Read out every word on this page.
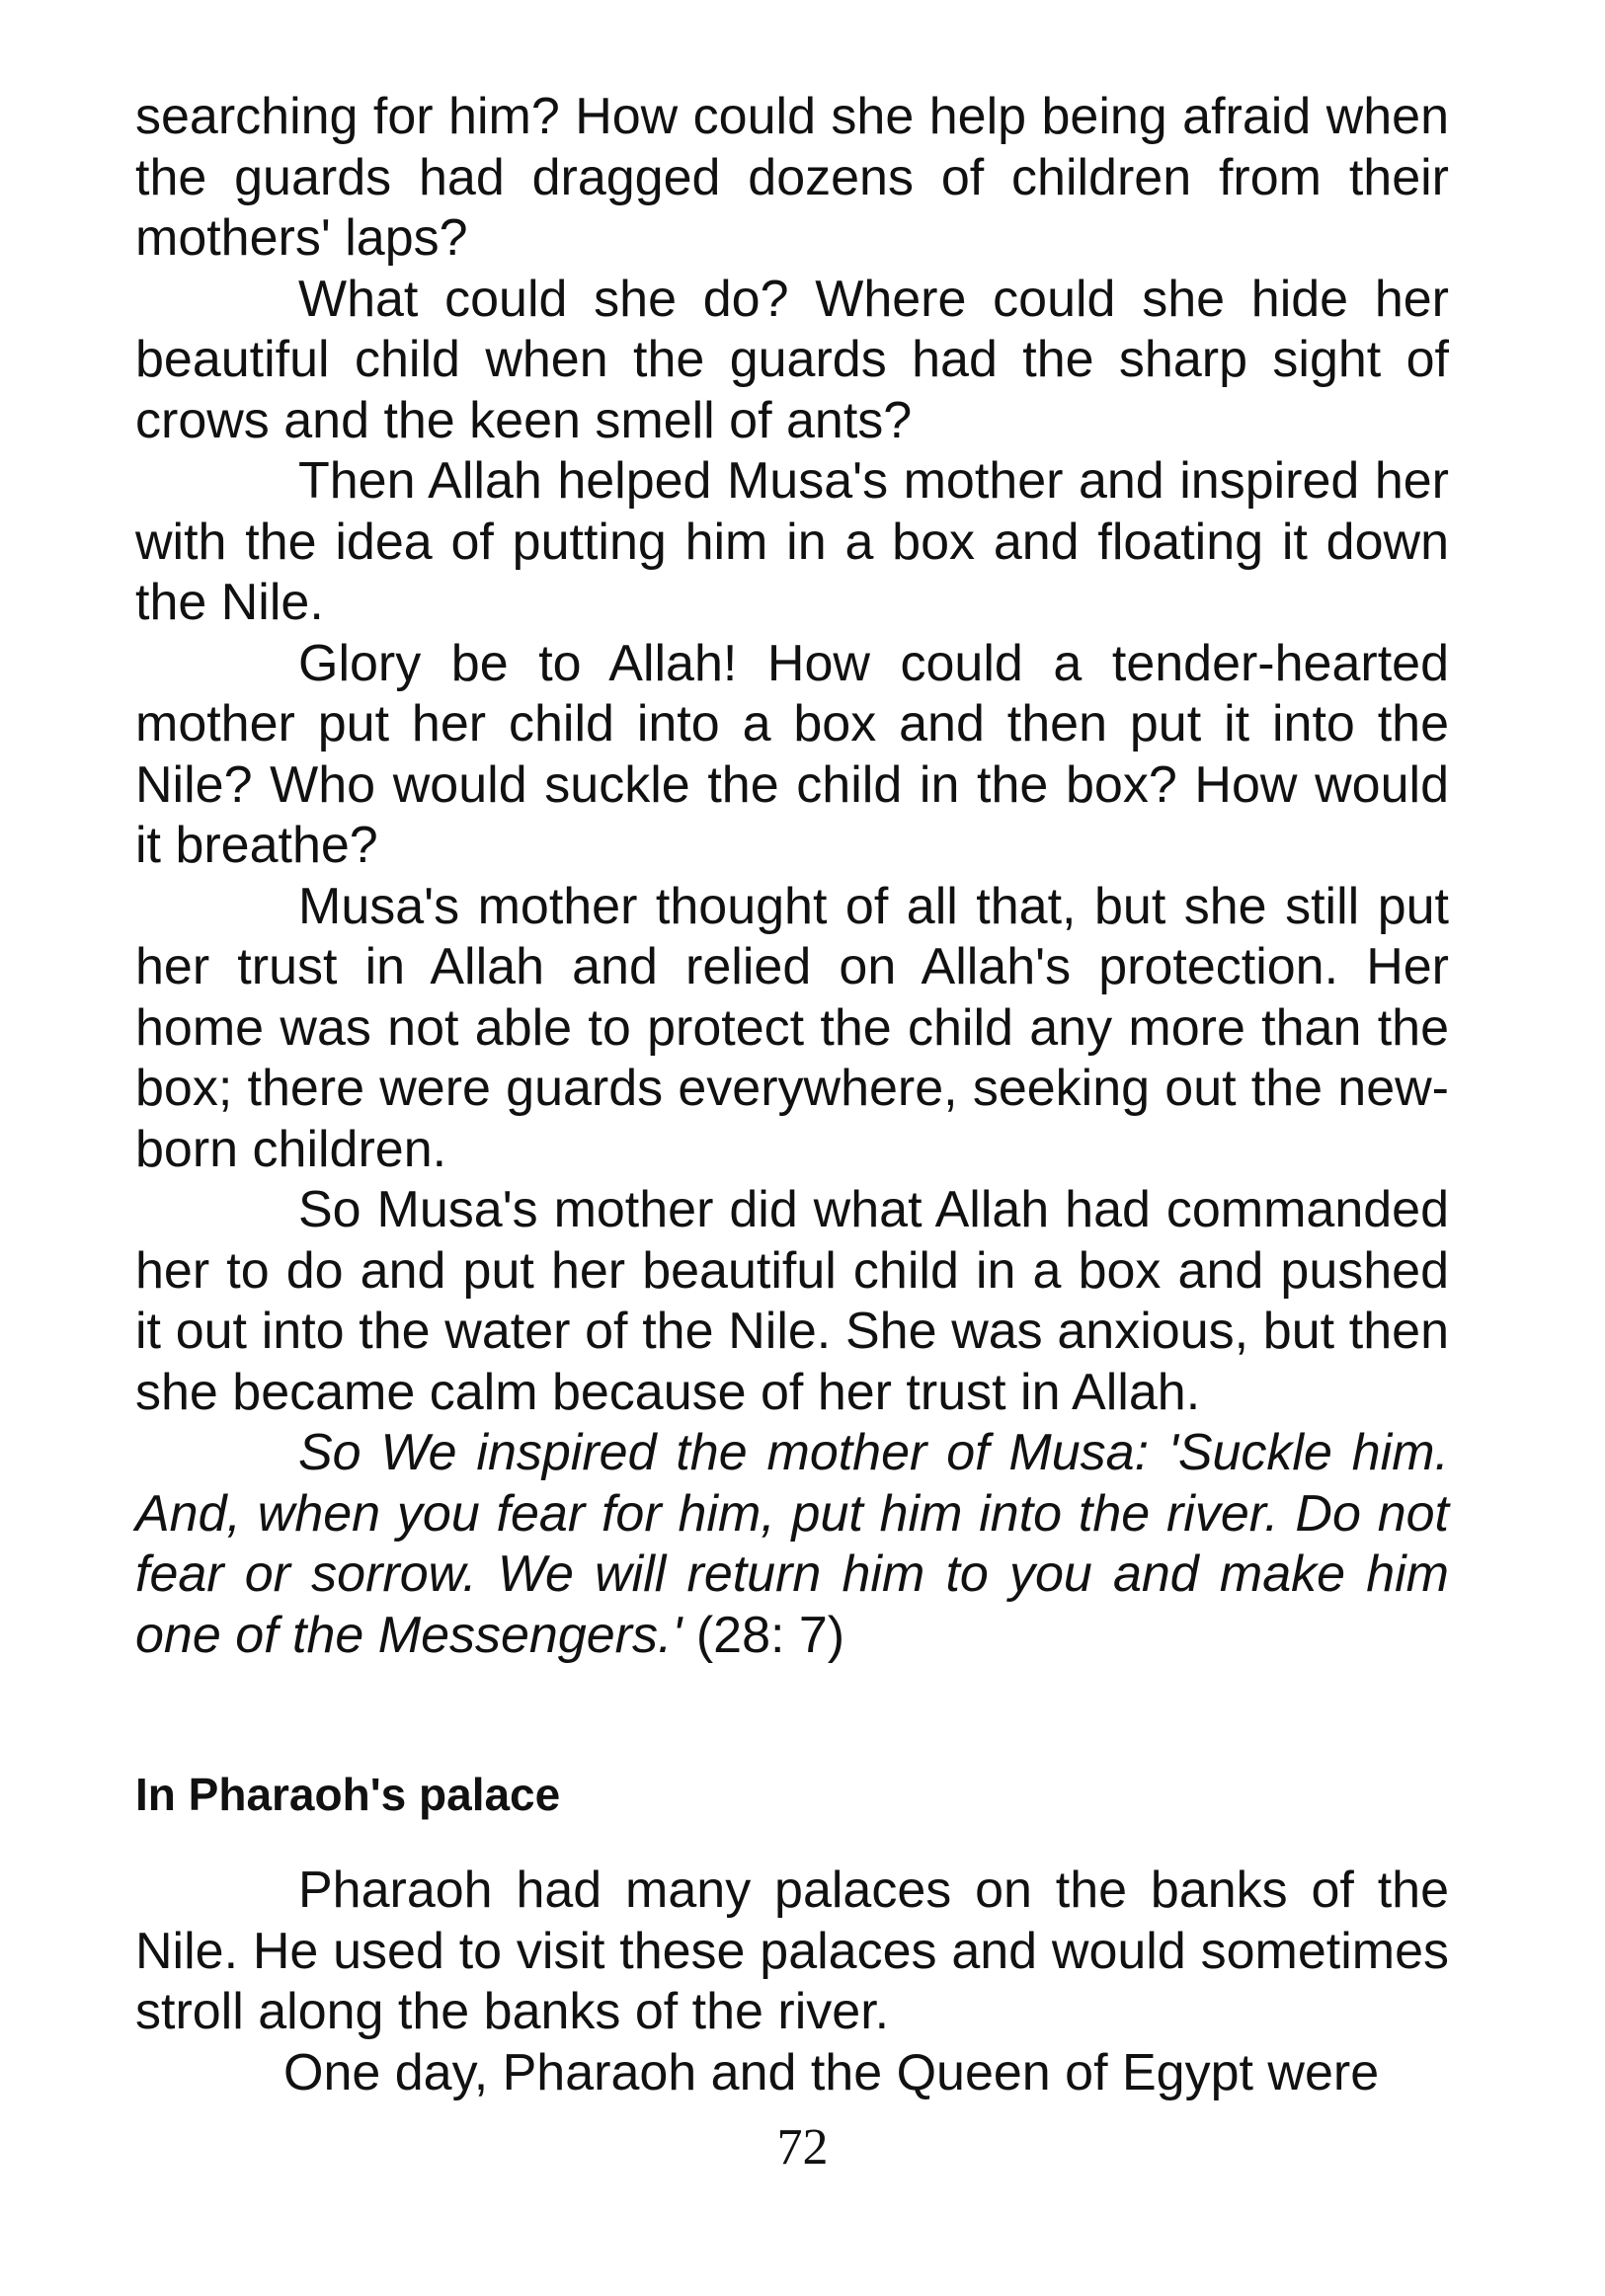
searching for him? How could she help being afraid when the guards had dragged dozens of children from their mothers' laps?

What could she do? Where could she hide her beautiful child when the guards had the sharp sight of crows and the keen smell of ants?

Then Allah helped Musa's mother and inspired her with the idea of putting him in a box and floating it down the Nile.

Glory be to Allah! How could a tender-hearted mother put her child into a box and then put it into the Nile? Who would suckle the child in the box? How would it breathe?

Musa's mother thought of all that, but she still put her trust in Allah and relied on Allah's protection. Her home was not able to protect the child any more than the box; there were guards everywhere, seeking out the new-born children.

So Musa's mother did what Allah had commanded her to do and put her beautiful child in a box and pushed it out into the water of the Nile. She was anxious, but then she became calm because of her trust in Allah.

So We inspired the mother of Musa: 'Suckle him. And, when you fear for him, put him into the river. Do not fear or sorrow. We will return him to you and make him one of the Messengers.' (28: 7)

In Pharaoh's palace

Pharaoh had many palaces on the banks of the Nile. He used to visit these palaces and would sometimes stroll along the banks of the river.

One day, Pharaoh and the Queen of Egypt were

72
